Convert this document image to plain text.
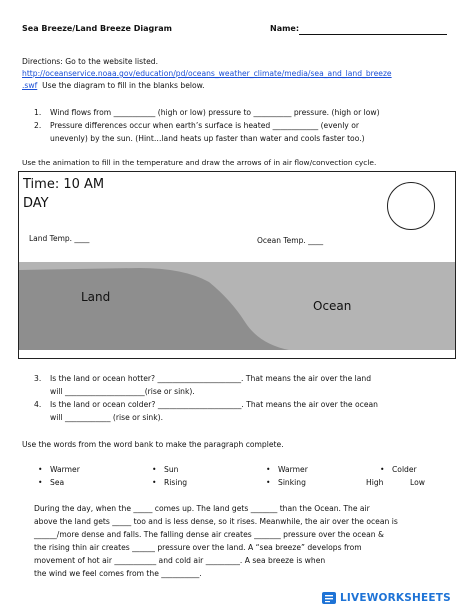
Sea Breeze/Land Breeze Diagram	Name:
Directions: Go to the website listed.
http://oceanservice.noaa.gov/education/pd/oceans_weather_climate/media/sea_and_land_breeze
.swf Use the diagram to fill in the blanks below.
1. Wind flows from ___________ (high or low) pressure to __________ pressure. (high or low)
2. Pressure differences occur when earth’s surface is heated ____________ (evenly or
unevenly) by the sun. (Hint…land heats up faster than water and cools faster too.)
Use the animation to fill in the temperature and draw the arrows of in air flow/convection cycle.
Time: 10 AM
DAY
Land Temp. ____	Ocean Temp. ____
Land
Ocean
3. Is the land or ocean hotter? ______________________. That means the air over the land
will _____________________(rise or sink).
4. Is the land or ocean colder? ______________________. That means the air over the ocean
will ____________ (rise or sink).
Use the words from the word bank to make the paragraph complete.
• Warmer	• Sun	• Warmer	• Colder
• Sea	• Rising	• Sinking	High	Low
During the day, when the _____ comes up. The land gets _______ than the Ocean. The air
above the land gets _____ too and is less dense, so it rises. Meanwhile, the air over the ocean is
______/more dense and falls. The falling dense air creates _______ pressure over the ocean &
the rising thin air creates ______ pressure over the land. A “sea breeze” develops from
movement of hot air ___________ and cold air _________. A sea breeze is when
the wind we feel comes from the __________.
LIVEWORKSHEETS
